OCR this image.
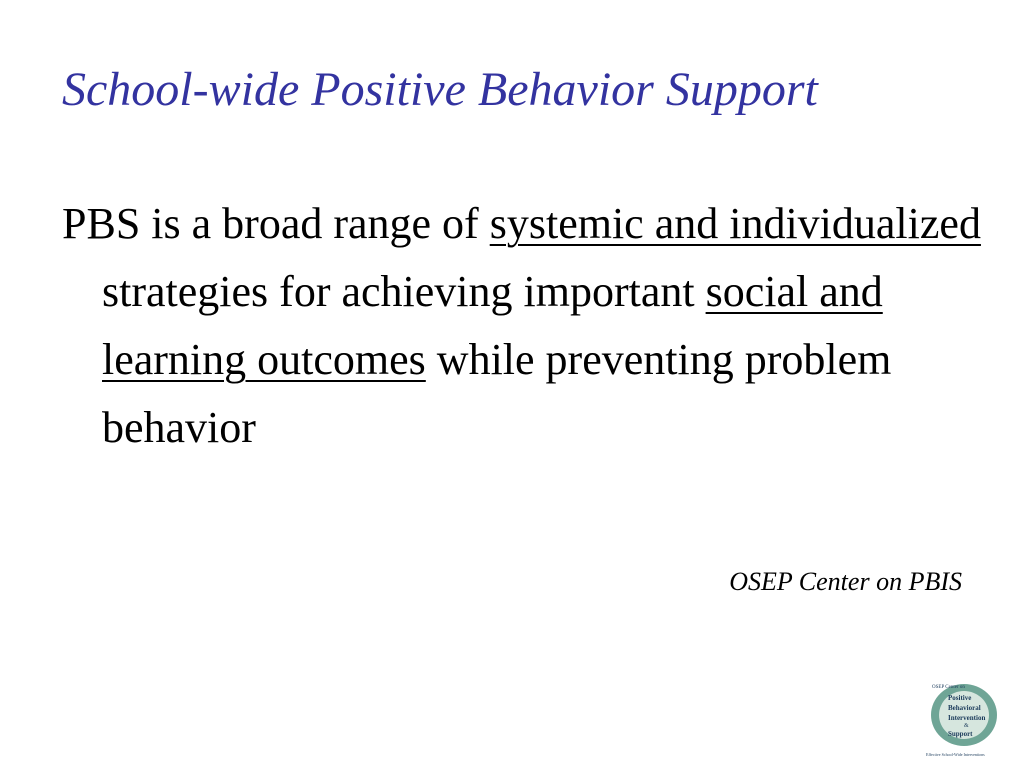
School-wide Positive Behavior Support
PBS is a broad range of systemic and individualized strategies for achieving important social and learning outcomes while preventing problem behavior
OSEP Center on PBIS
OSEP Center on
Positive
Behavioral
Intervention
&
Support
Effective School-Wide Interventions
